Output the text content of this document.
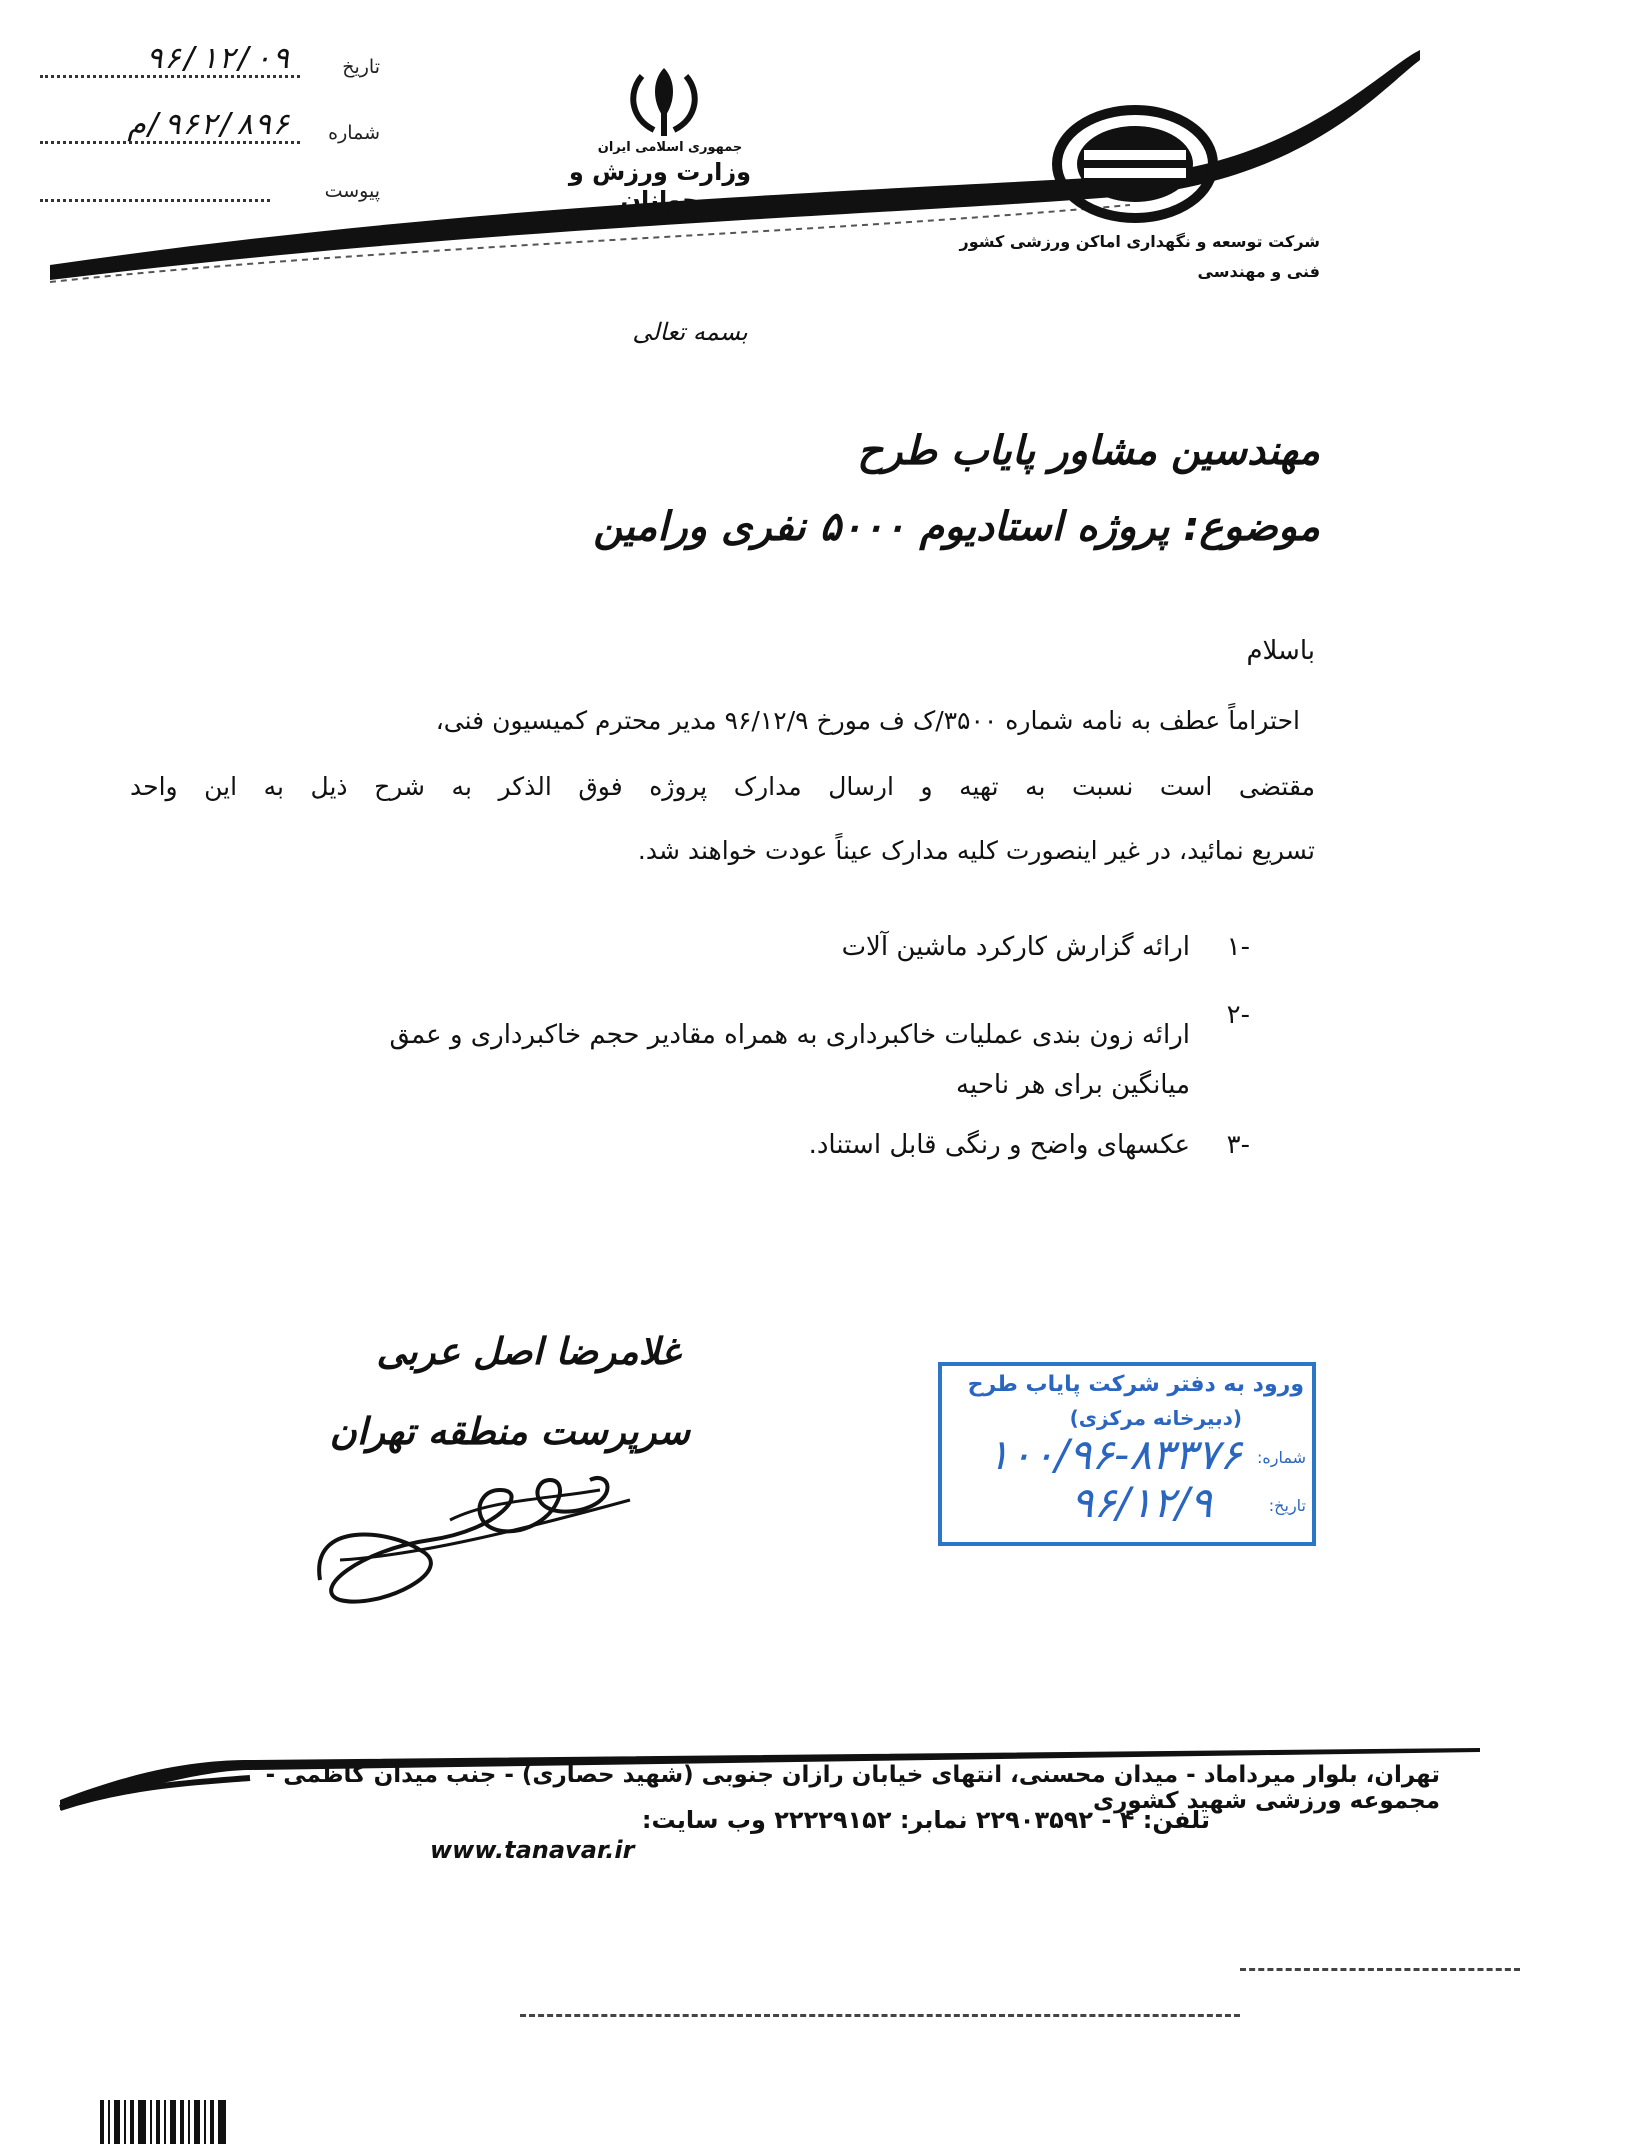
تاریخ
۹۶/۱۲/۰۹
شماره
۹۶۲/۸۹۶/م
پیوست
جمهوری اسلامی ایران
وزارت ورزش و جوانان
شرکت توسعه و نگهداری اماکن ورزشی کشور
فنی و مهندسی
بسمه تعالی
مهندسین مشاور پایاب طرح
موضوع: پروژه استادیوم ۵۰۰۰ نفری ورامین
باسلام
احتراماً عطف به نامه شماره ۳۵۰۰/ک ف مورخ ۹۶/۱۲/۹ مدیر محترم کمیسیون فنی،
مقتضی است نسبت به تهیه و ارسال مدارک پروژه فوق الذکر به شرح ذیل به این واحد
تسریع نمائید، در غیر اینصورت کلیه مدارک عیناً عودت خواهند شد.
۱-
ارائه گزارش کارکرد ماشین آلات
۲-
ارائه زون بندی عملیات خاکبرداری به همراه مقادیر حجم خاکبرداری و عمق
میانگین برای هر ناحیه
۳-
عکسهای واضح و رنگی قابل استناد.
غلامرضا اصل عربی
سرپرست منطقه تهران
ورود به دفتر شرکت پایاب طرح
(دبیرخانه مرکزی)
شماره:
۱۰۰/۹۶-۸۳۳۷۶
تاریخ:
۹۶/۱۲/۹
تهران، بلوار میرداماد - میدان محسنی، انتهای خیابان رازان جنوبی (شهید حصاری) - جنب میدان کاظمی - مجموعه ورزشی شهید کشوری
تلفن: ۴ - ۲۲۹۰۳۵۹۲ نمابر: ۲۲۲۲۹۱۵۲ وب سایت:
www.tanavar.ir
